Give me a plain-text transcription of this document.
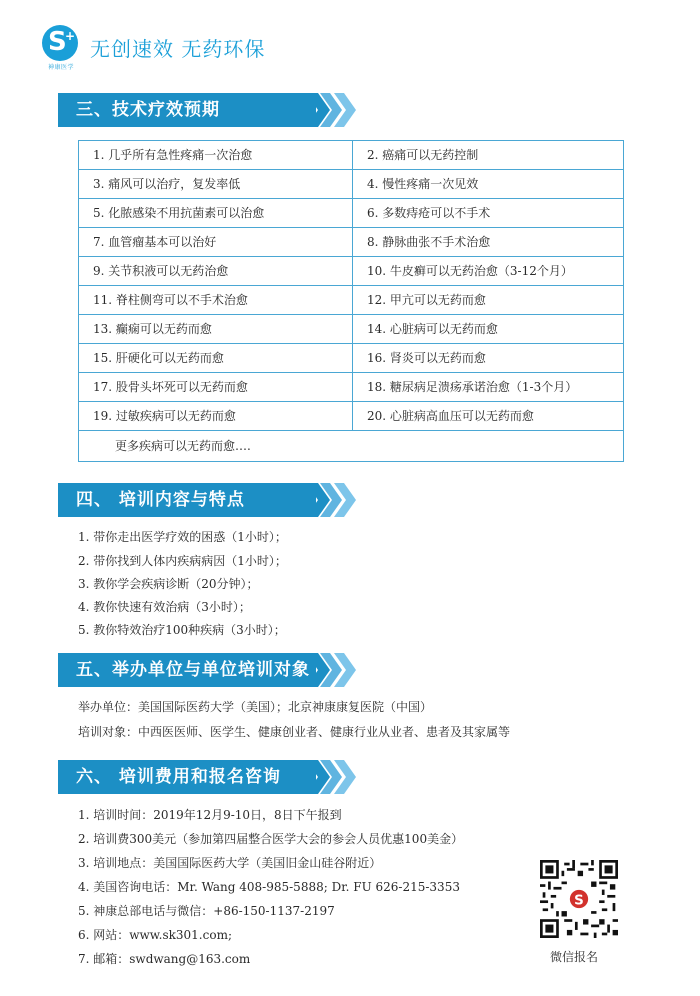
S
+
神康医学
无创速效 无药环保
三、技术疗效预期
1. 几乎所有急性疼痛一次治愈	2. 癌痛可以无药控制
3. 痛风可以治疗，复发率低	4. 慢性疼痛一次见效
5. 化脓感染不用抗菌素可以治愈	6. 多数痔疮可以不手术
7. 血管瘤基本可以治好	8. 静脉曲张不手术治愈
9. 关节积液可以无药治愈	10. 牛皮癣可以无药治愈（3-12个月）
11. 脊柱侧弯可以不手术治愈	12. 甲亢可以无药而愈
13. 癫痫可以无药而愈	14. 心脏病可以无药而愈
15. 肝硬化可以无药而愈	16. 肾炎可以无药而愈
17. 股骨头坏死可以无药而愈	18. 糖尿病足溃疡承诺治愈（1-3个月）
19. 过敏疾病可以无药而愈	20. 心脏病高血压可以无药而愈
更多疾病可以无药而愈….
四、 培训内容与特点
1. 带你走出医学疗效的困惑（1小时）；
2. 带你找到人体内疾病病因（1小时）；
3. 教你学会疾病诊断（20分钟）；
4. 教你快速有效治病（3小时）；
5. 教你特效治疗100种疾病（3小时）；
五、举办单位与单位培训对象
举办单位：美国国际医药大学（美国）；北京神康康复医院（中国）
培训对象：中西医医师、医学生、健康创业者、健康行业从业者、患者及其家属等
六、 培训费用和报名咨询
1. 培训时间：2019年12月9-10日，8日下午报到
2. 培训费300美元（参加第四届整合医学大会的参会人员优惠100美金）
3. 培训地点：美国国际医药大学（美国旧金山硅谷附近）
4. 美国咨询电话：Mr. Wang 408-985-5888; Dr. FU 626-215-3353
5. 神康总部电话与微信：+86-150-1137-2197
6. 网站：www.sk301.com;
7. 邮箱：swdwang@163.com
S
微信报名
